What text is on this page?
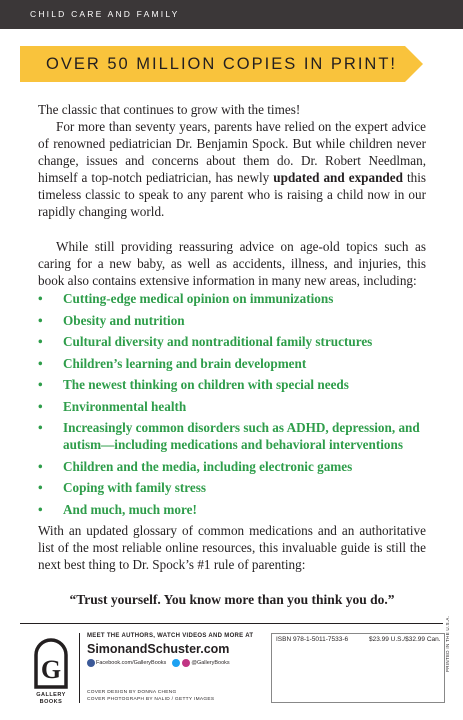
CHILD CARE AND FAMILY
OVER 50 MILLION COPIES IN PRINT!

The classic that continues to grow with the times!

For more than seventy years, parents have relied on the expert advice of renowned pediatrician Dr. Benjamin Spock. But while children never change, issues and concerns about them do. Dr. Robert Needlman, himself a top-notch pediatrician, has newly updated and expanded this timeless classic to speak to any parent who is raising a child now in our rapidly changing world.

While still providing reassuring advice on age-old topics such as caring for a new baby, as well as accidents, illness, and injuries, this book also contains extensive information in many new areas, including:

• Cutting-edge medical opinion on immunizations
• Obesity and nutrition
• Cultural diversity and nontraditional family structures
• Children’s learning and brain development
• The newest thinking on children with special needs
• Environmental health
• Increasingly common disorders such as ADHD, depression, and autism—including medications and behavioral interventions
• Children and the media, including electronic games
• Coping with family stress
• And much, much more!

With an updated glossary of common medications and an authoritative list of the most reliable online resources, this invaluable guide is still the next best thing to Dr. Spock’s #1 rule of parenting:

“Trust yourself. You know more than you think you do.”
G
GALLERY
BOOKS
MEET THE AUTHORS, WATCH VIDEOS AND MORE AT
SimonandSchuster.com
Facebook.com/GalleryBooks	@GalleryBooks
COVER DESIGN BY DONNA CHENG
COVER PHOTOGRAPH BY NALID / GETTY IMAGES
ISBN 978-1-5011-7533-6	$23.99 U.S./$32.99 Can. PRINTED IN THE U.S.A.
